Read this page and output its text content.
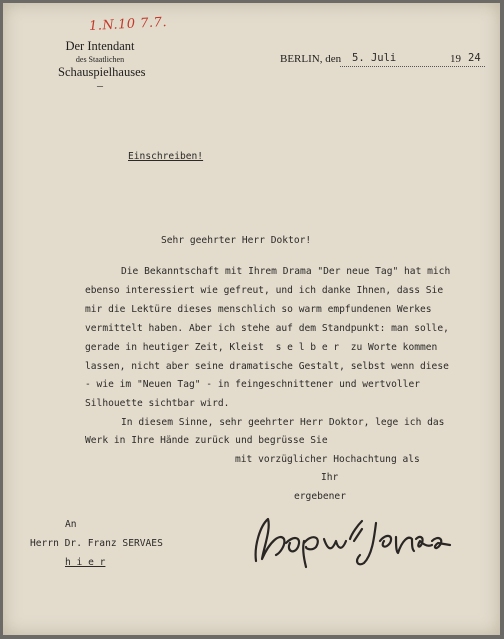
1.N.10 7.7.
Der Intendant
des Staatlichen
Schauspielhauses
–
BERLIN, den 5. Juli	19 24
Einschreiben!
Sehr geehrter Herr Doktor!
Die Bekanntschaft mit Ihrem Drama "Der neue Tag" hat mich
ebenso interessiert wie gefreut, und ich danke Ihnen, dass Sie
mir die Lektüre dieses menschlich so warm empfundenen Werkes
vermittelt haben. Aber ich stehe auf dem Standpunkt: man solle,
gerade in heutiger Zeit, Kleist  s e l b e r  zu Worte kommen
lassen, nicht aber seine dramatische Gestalt, selbst wenn diese
- wie im "Neuen Tag" - in feingeschnittener und wertvoller
Silhouette sichtbar wird.
In diesem Sinne, sehr geehrter Herr Doktor, lege ich das
Werk in Ihre Hände zurück und begrüsse Sie
mit vorzüglicher Hochachtung als
Ihr
ergebener
An
Herrn Dr. Franz SERVAES
h i e r
